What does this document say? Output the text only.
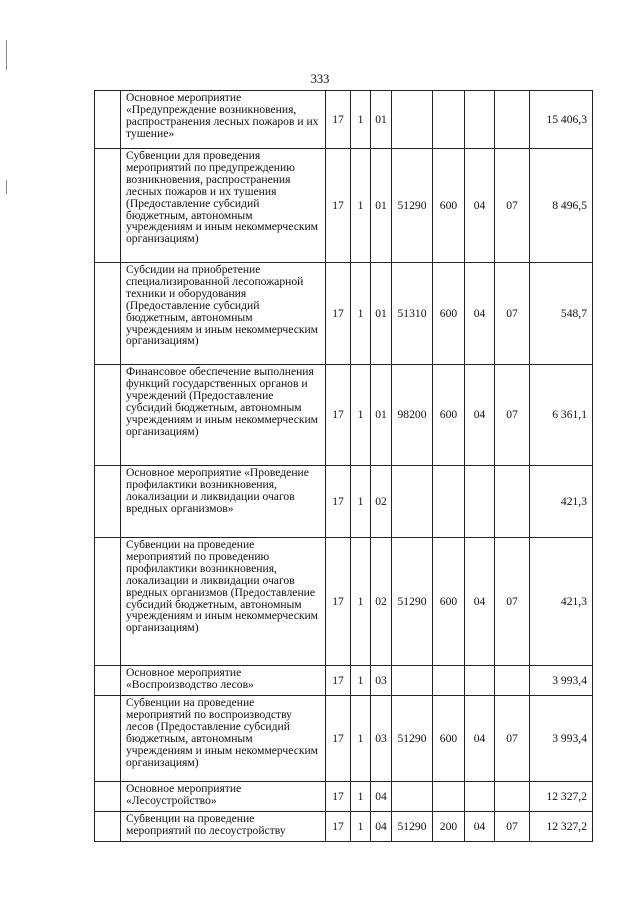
333
	Основное мероприятие «Предупреждение возникновения, распространения лесных пожаров и их тушение»	17	1	01					15 406,3
	Субвенции для проведения мероприятий по предупреждению возникновения, распространения лесных пожаров и их тушения (Предоставление субсидий бюджетным, автономным учреждениям и иным некоммерческим организациям)	17	1	01	51290	600	04	07	8 496,5
	Субсидии на приобретение специализированной лесопожарной техники и оборудования (Предоставление субсидий бюджетным, автономным учреждениям и иным некоммерческим организациям)	17	1	01	51310	600	04	07	548,7
	Финансовое обеспечение выполнения функций государственных органов и учреждений (Предоставление субсидий бюджетным, автономным учреждениям и иным некоммерческим организациям)	17	1	01	98200	600	04	07	6 361,1
	Основное мероприятие «Проведение профилактики возникновения, локализации и ликвидации очагов вредных организмов»	17	1	02					421,3
	Субвенции на проведение мероприятий по проведению профилактики возникновения, локализации и ликвидации очагов вредных организмов (Предоставление субсидий бюджетным, автономным учреждениям и иным некоммерческим организациям)	17	1	02	51290	600	04	07	421,3
	Основное мероприятие «Воспроизводство лесов»	17	1	03					3 993,4
	Субвенции на проведение мероприятий по воспроизводству лесов (Предоставление субсидий бюджетным, автономным учреждениям и иным некоммерческим организациям)	17	1	03	51290	600	04	07	3 993,4
	Основное мероприятие «Лесоустройство»	17	1	04					12 327,2
	Субвенции на проведение мероприятий по лесоустройству	17	1	04	51290	200	04	07	12 327,2
